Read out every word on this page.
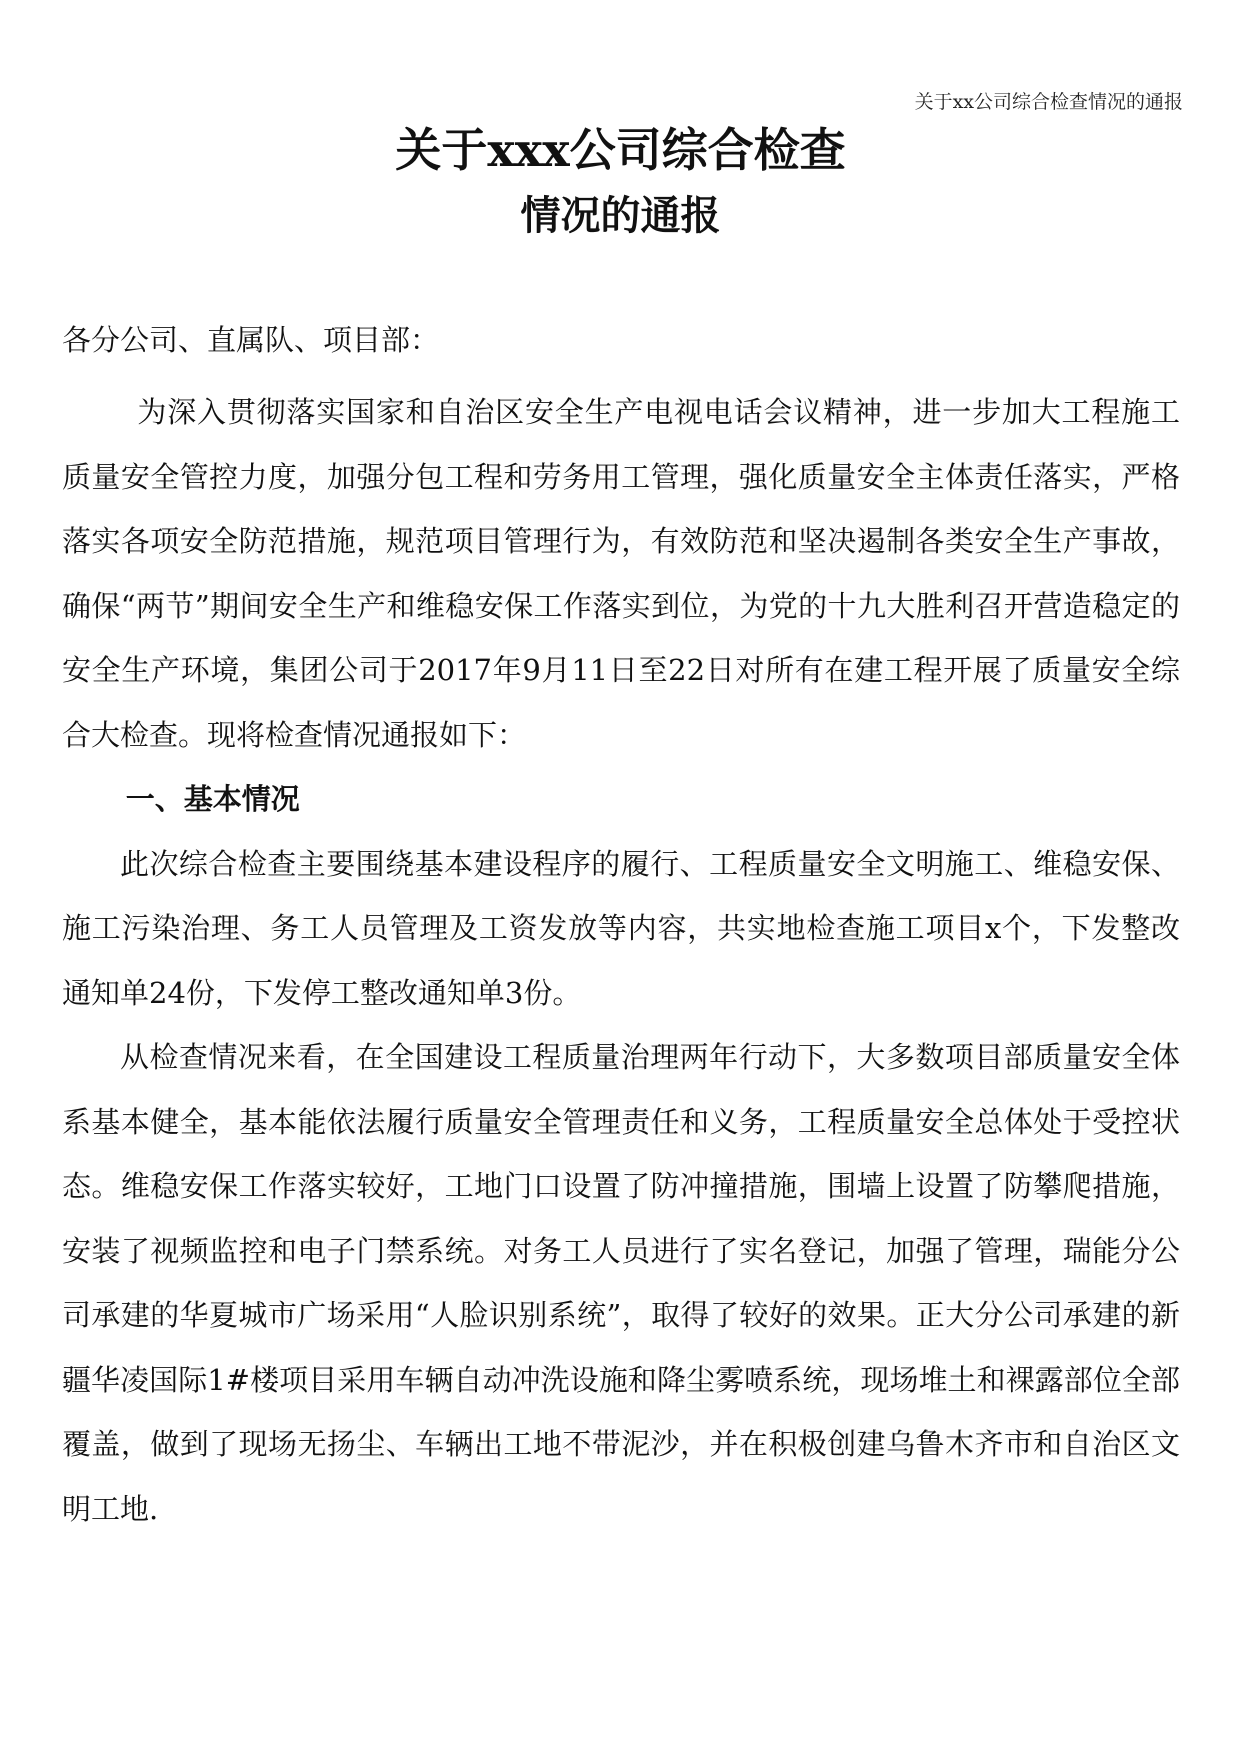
关于xx公司综合检查情况的通报
关于xxx公司综合检查
情况的通报
各分公司、直属队、项目部：

为深入贯彻落实国家和自治区安全生产电视电话会议精神，进一步加大工程施工质量安全管控力度，加强分包工程和劳务用工管理，强化质量安全主体责任落实，严格落实各项安全防范措施，规范项目管理行为，有效防范和坚决遏制各类安全生产事故，确保“两节”期间安全生产和维稳安保工作落实到位，为党的十九大胜利召开营造稳定的安全生产环境，集团公司于2017年9月11日至22日对所有在建工程开展了质量安全综合大检查。现将检查情况通报如下：

一、基本情况

此次综合检查主要围绕基本建设程序的履行、工程质量安全文明施工、维稳安保、施工污染治理、务工人员管理及工资发放等内容，共实地检查施工项目x个，下发整改通知单24份，下发停工整改通知单3份。

从检查情况来看，在全国建设工程质量治理两年行动下，大多数项目部质量安全体系基本健全，基本能依法履行质量安全管理责任和义务，工程质量安全总体处于受控状态。维稳安保工作落实较好，工地门口设置了防冲撞措施，围墙上设置了防攀爬措施，安装了视频监控和电子门禁系统。对务工人员进行了实名登记，加强了管理，瑞能分公司承建的华夏城市广场采用“人脸识别系统”，取得了较好的效果。正大分公司承建的新疆华凌国际1#楼项目采用车辆自动冲洗设施和降尘雾喷系统，现场堆土和裸露部位全部覆盖，做到了现场无扬尘、车辆出工地不带泥沙，并在积极创建乌鲁木齐市和自治区文明工地.
